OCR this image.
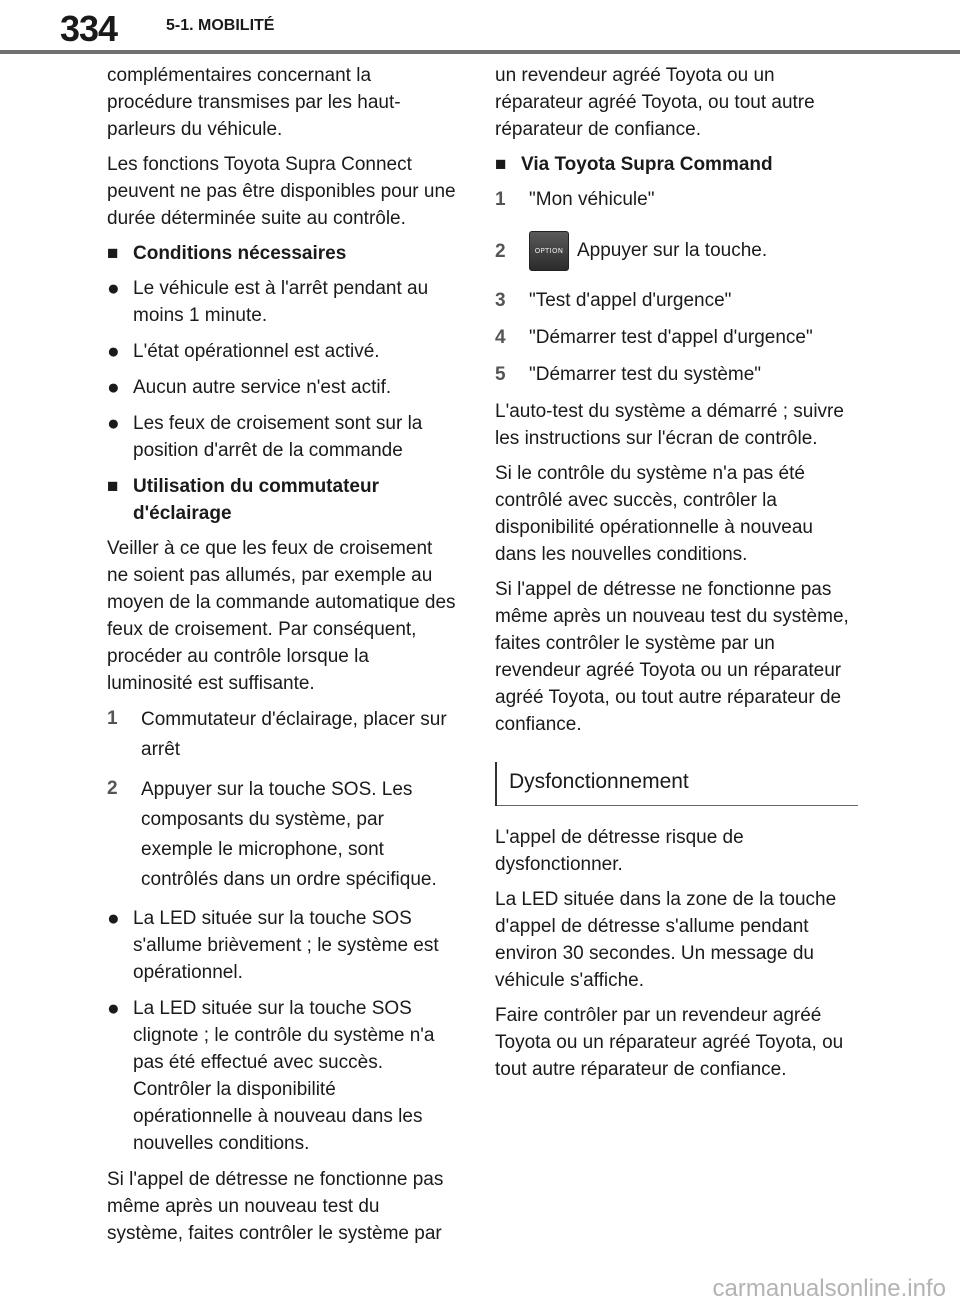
334	5-1. MOBILITÉ

complémentaires concernant la procédure transmises par les haut-parleurs du véhicule.

Les fonctions Toyota Supra Connect peuvent ne pas être disponibles pour une durée déterminée suite au contrôle.

■ Conditions nécessaires
● Le véhicule est à l'arrêt pendant au moins 1 minute.
● L'état opérationnel est activé.
● Aucun autre service n'est actif.
● Les feux de croisement sont sur la position d'arrêt de la commande
■ Utilisation du commutateur d'éclairage

Veiller à ce que les feux de croisement ne soient pas allumés, par exemple au moyen de la commande automatique des feux de croisement. Par conséquent, procéder au contrôle lorsque la luminosité est suffisante.

1	Commutateur d'éclairage, placer sur arrêt
2	Appuyer sur la touche SOS. Les composants du système, par exemple le microphone, sont contrôlés dans un ordre spécifique.
● La LED située sur la touche SOS s'allume brièvement ; le système est opérationnel.
● La LED située sur la touche SOS clignote ; le contrôle du système n'a pas été effectué avec succès. Contrôler la disponibilité opérationnelle à nouveau dans les nouvelles conditions.

Si l'appel de détresse ne fonctionne pas même après un nouveau test du système, faites contrôler le système par

un revendeur agréé Toyota ou un réparateur agréé Toyota, ou tout autre réparateur de confiance.

■ Via Toyota Supra Command
1	"Mon véhicule"
2	OPTION Appuyer sur la touche.
3	"Test d'appel d'urgence"
4	"Démarrer test d'appel d'urgence"
5	"Démarrer test du système"

L'auto-test du système a démarré ; suivre les instructions sur l'écran de contrôle.

Si le contrôle du système n'a pas été contrôlé avec succès, contrôler la disponibilité opérationnelle à nouveau dans les nouvelles conditions.

Si l'appel de détresse ne fonctionne pas même après un nouveau test du système, faites contrôler le système par un revendeur agréé Toyota ou un réparateur agréé Toyota, ou tout autre réparateur de confiance.

Dysfonctionnement

L'appel de détresse risque de dysfonctionner.

La LED située dans la zone de la touche d'appel de détresse s'allume pendant environ 30 secondes. Un message du véhicule s'affiche.

Faire contrôler par un revendeur agréé Toyota ou un réparateur agréé Toyota, ou tout autre réparateur de confiance.

carmanualsonline.info
